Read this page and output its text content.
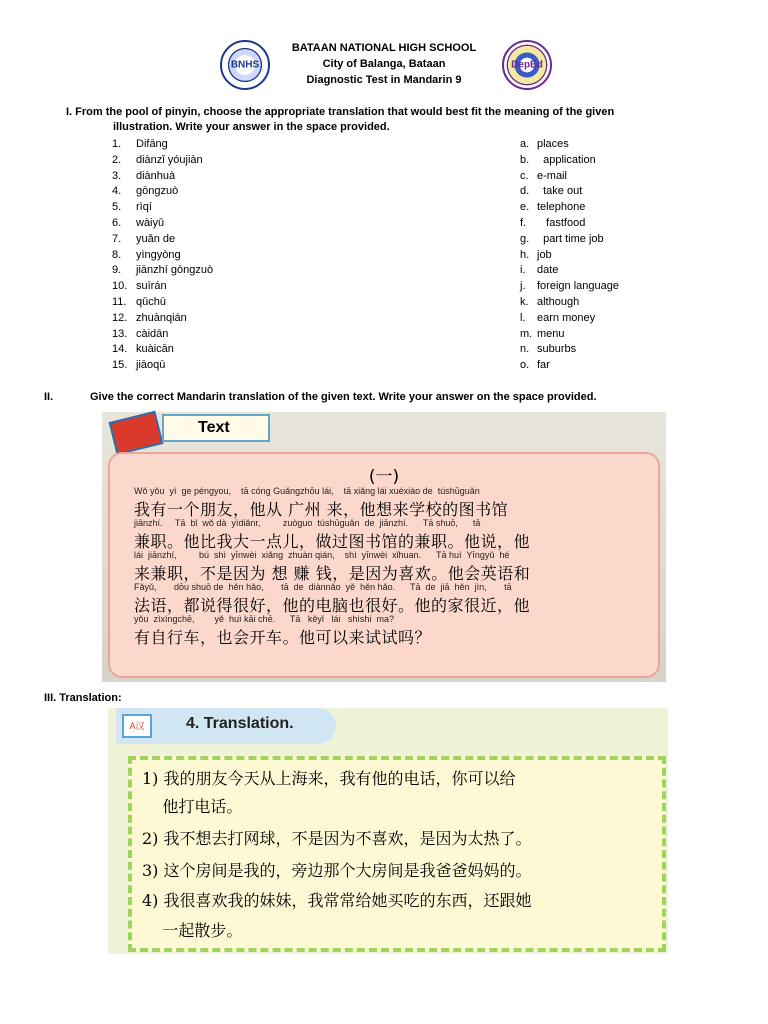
BNHS	DepEd
BATAAN NATIONAL HIGH SCHOOL
City of Balanga, Bataan
Diagnostic Test in Mandarin 9
I. From the pool of pinyin, choose the appropriate translation that would best fit the meaning of the given
illustration. Write your answer in the space provided.
1.	Difāng
2.	diànzǐ yóujiàn
3.	diànhuà
4.	gōngzuò
5.	rìqí
6.	wàiyǔ
7.	yuǎn de
8.	yìngyòng
9.	jiānzhí gōngzuò
10. suīrán
11. qǔchū
12. zhuànqián
13. càidān
14. kuàicān
15. jiāoqū
a. places
b. application
c. e-mail
d. take out
e. telephone
f. fastfood
g. part time job
h. job
i.	date
j.	foreign language
k. although
l.	earn money
m. menu
n. suburbs
o. far
II.	Give the correct Mandarin translation of the given text. Write your answer on the space provided.
Text
(一)
Wǒ yǒu  yí  ge péngyou,    tā cóng Guǎngzhōu lái,    tā xiǎng lái xuéxiào de  túshūguǎn
我有一个朋友，他从 广州 来，他想来学校的图书馆
jiānzhí.     Tā  bǐ  wǒ dà  yìdiǎnr,         zuòguo  túshūguǎn  de  jiānzhí.      Tā shuō,      tā
兼职。他比我大一点儿，做过图书馆的兼职。他说，他
lái  jiānzhí,         bú  shì  yīnwèi  xiǎng  zhuàn qián,    shì  yīnwèi  xǐhuan.      Tā huì  Yīngyǔ  hé
来兼职，不是因为 想 赚 钱，是因为喜欢。他会英语和
Fǎyǔ,       dōu shuō de  hěn hǎo,       tā  de  diànnǎo  yě  hěn hǎo.      Tā  de  jiā  hěn  jìn,       tā
法语，都说得很好，他的电脑也很好。他的家很近，他
yǒu  zìxíngchē,        yě  huì kāi chē.      Tā   kěyǐ   lái   shìshi  ma?
有自行车，也会开车。他可以来试试吗？
III. Translation:
A汉	4. Translation.
1) 我的朋友今天从上海来，我有他的电话，你可以给
他打电话。
2) 我不想去打网球，不是因为不喜欢，是因为太热了。
3) 这个房间是我的，旁边那个大房间是我爸爸妈妈的。
4) 我很喜欢我的妹妹，我常常给她买吃的东西，还跟她
一起散步。
